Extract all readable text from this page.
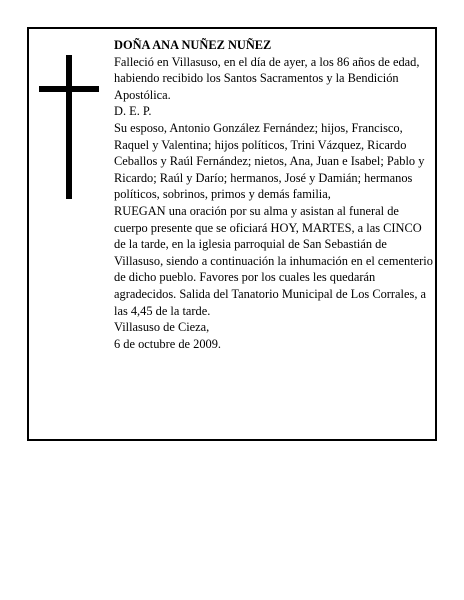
DOÑA ANA NUÑEZ NUÑEZ

Falleció en Villasuso, en el día de ayer, a los 86 años de edad, habiendo recibido los Santos Sacramentos y la Bendición Apostólica.

D. E. P.

Su esposo, Antonio González Fernández; hijos, Francisco, Raquel y Valentina; hijos políticos, Trini Vázquez, Ricardo Ceballos y Raúl Fernández; nietos, Ana, Juan e Isabel; Pablo y Ricardo; Raúl y Darío; hermanos, José y Damián; hermanos políticos, sobrinos, primos y demás familia,

RUEGAN una oración por su alma y asistan al funeral de cuerpo presente que se oficiará HOY, MARTES, a las CINCO de la tarde, en la iglesia parroquial de San Sebastián de Villasuso, siendo a continuación la inhumación en el cementerio de dicho pueblo. Favores por los cuales les quedarán agradecidos. Salida del Tanatorio Municipal de Los Corrales, a las 4,45 de la tarde.

Villasuso de Cieza,

6 de octubre de 2009.
